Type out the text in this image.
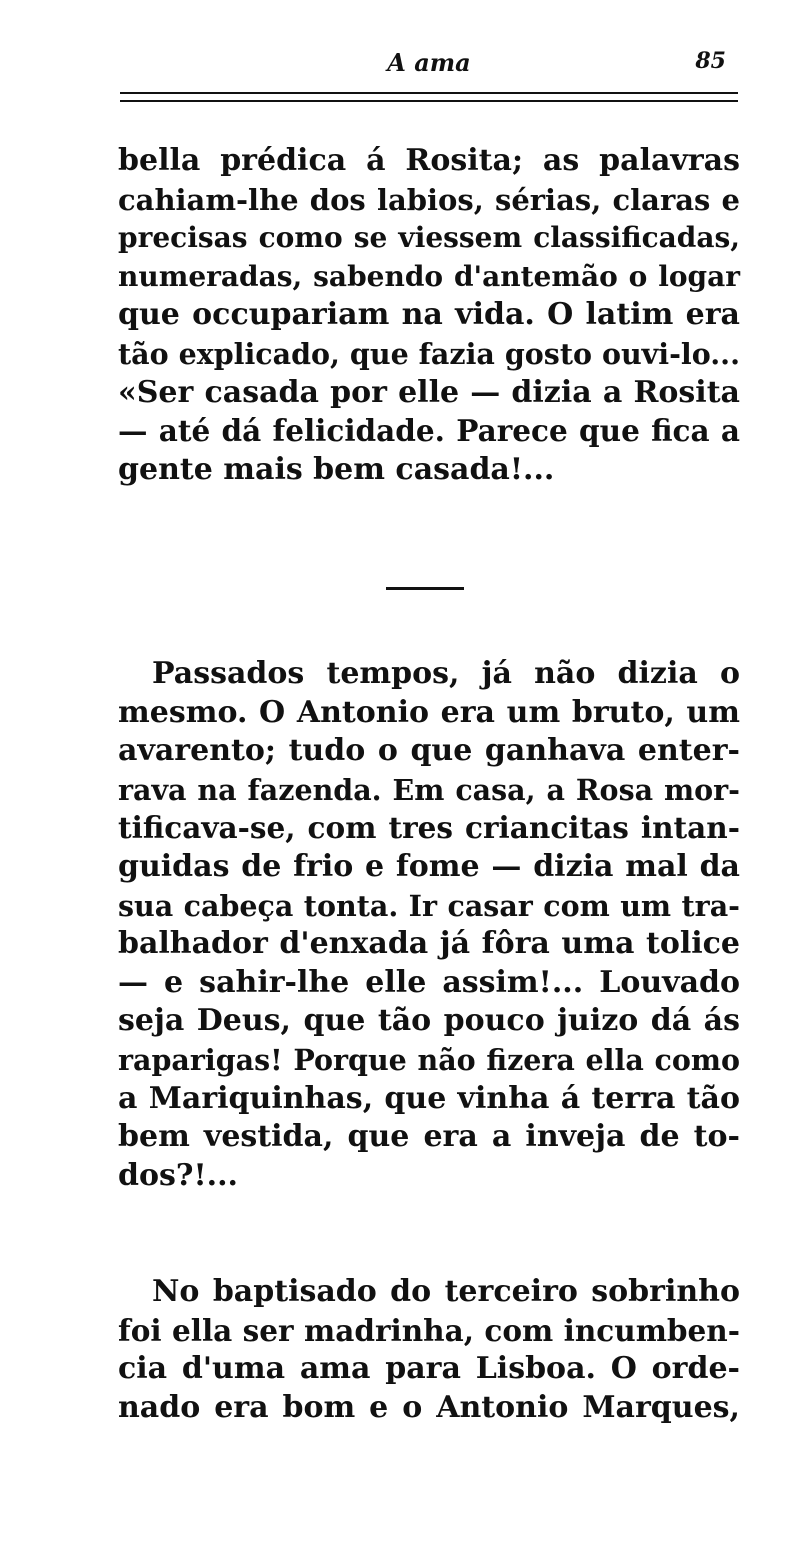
A ama	85
bella prédica á Rosita; as palavras
cahiam-lhe dos labios, sérias, claras e
precisas como se viessem classificadas,
numeradas, sabendo d'antemão o logar
que occupariam na vida. O latim era
tão explicado, que fazia gosto ouvi-lo...
«Ser casada por elle — dizia a Rosita
— até dá felicidade. Parece que fica a
gente mais bem casada!...
Passados tempos, já não dizia o
mesmo. O Antonio era um bruto, um
avarento; tudo o que ganhava enter-
rava na fazenda. Em casa, a Rosa mor-
tificava-se, com tres criancitas intan-
guidas de frio e fome — dizia mal da
sua cabeça tonta. Ir casar com um tra-
balhador d'enxada já fôra uma tolice
— e sahir-lhe elle assim!... Louvado
seja Deus, que tão pouco juizo dá ás
raparigas! Porque não fizera ella como
a Mariquinhas, que vinha á terra tão
bem vestida, que era a inveja de to-
dos?!...
No baptisado do terceiro sobrinho
foi ella ser madrinha, com incumben-
cia d'uma ama para Lisboa. O orde-
nado era bom e o Antonio Marques,
